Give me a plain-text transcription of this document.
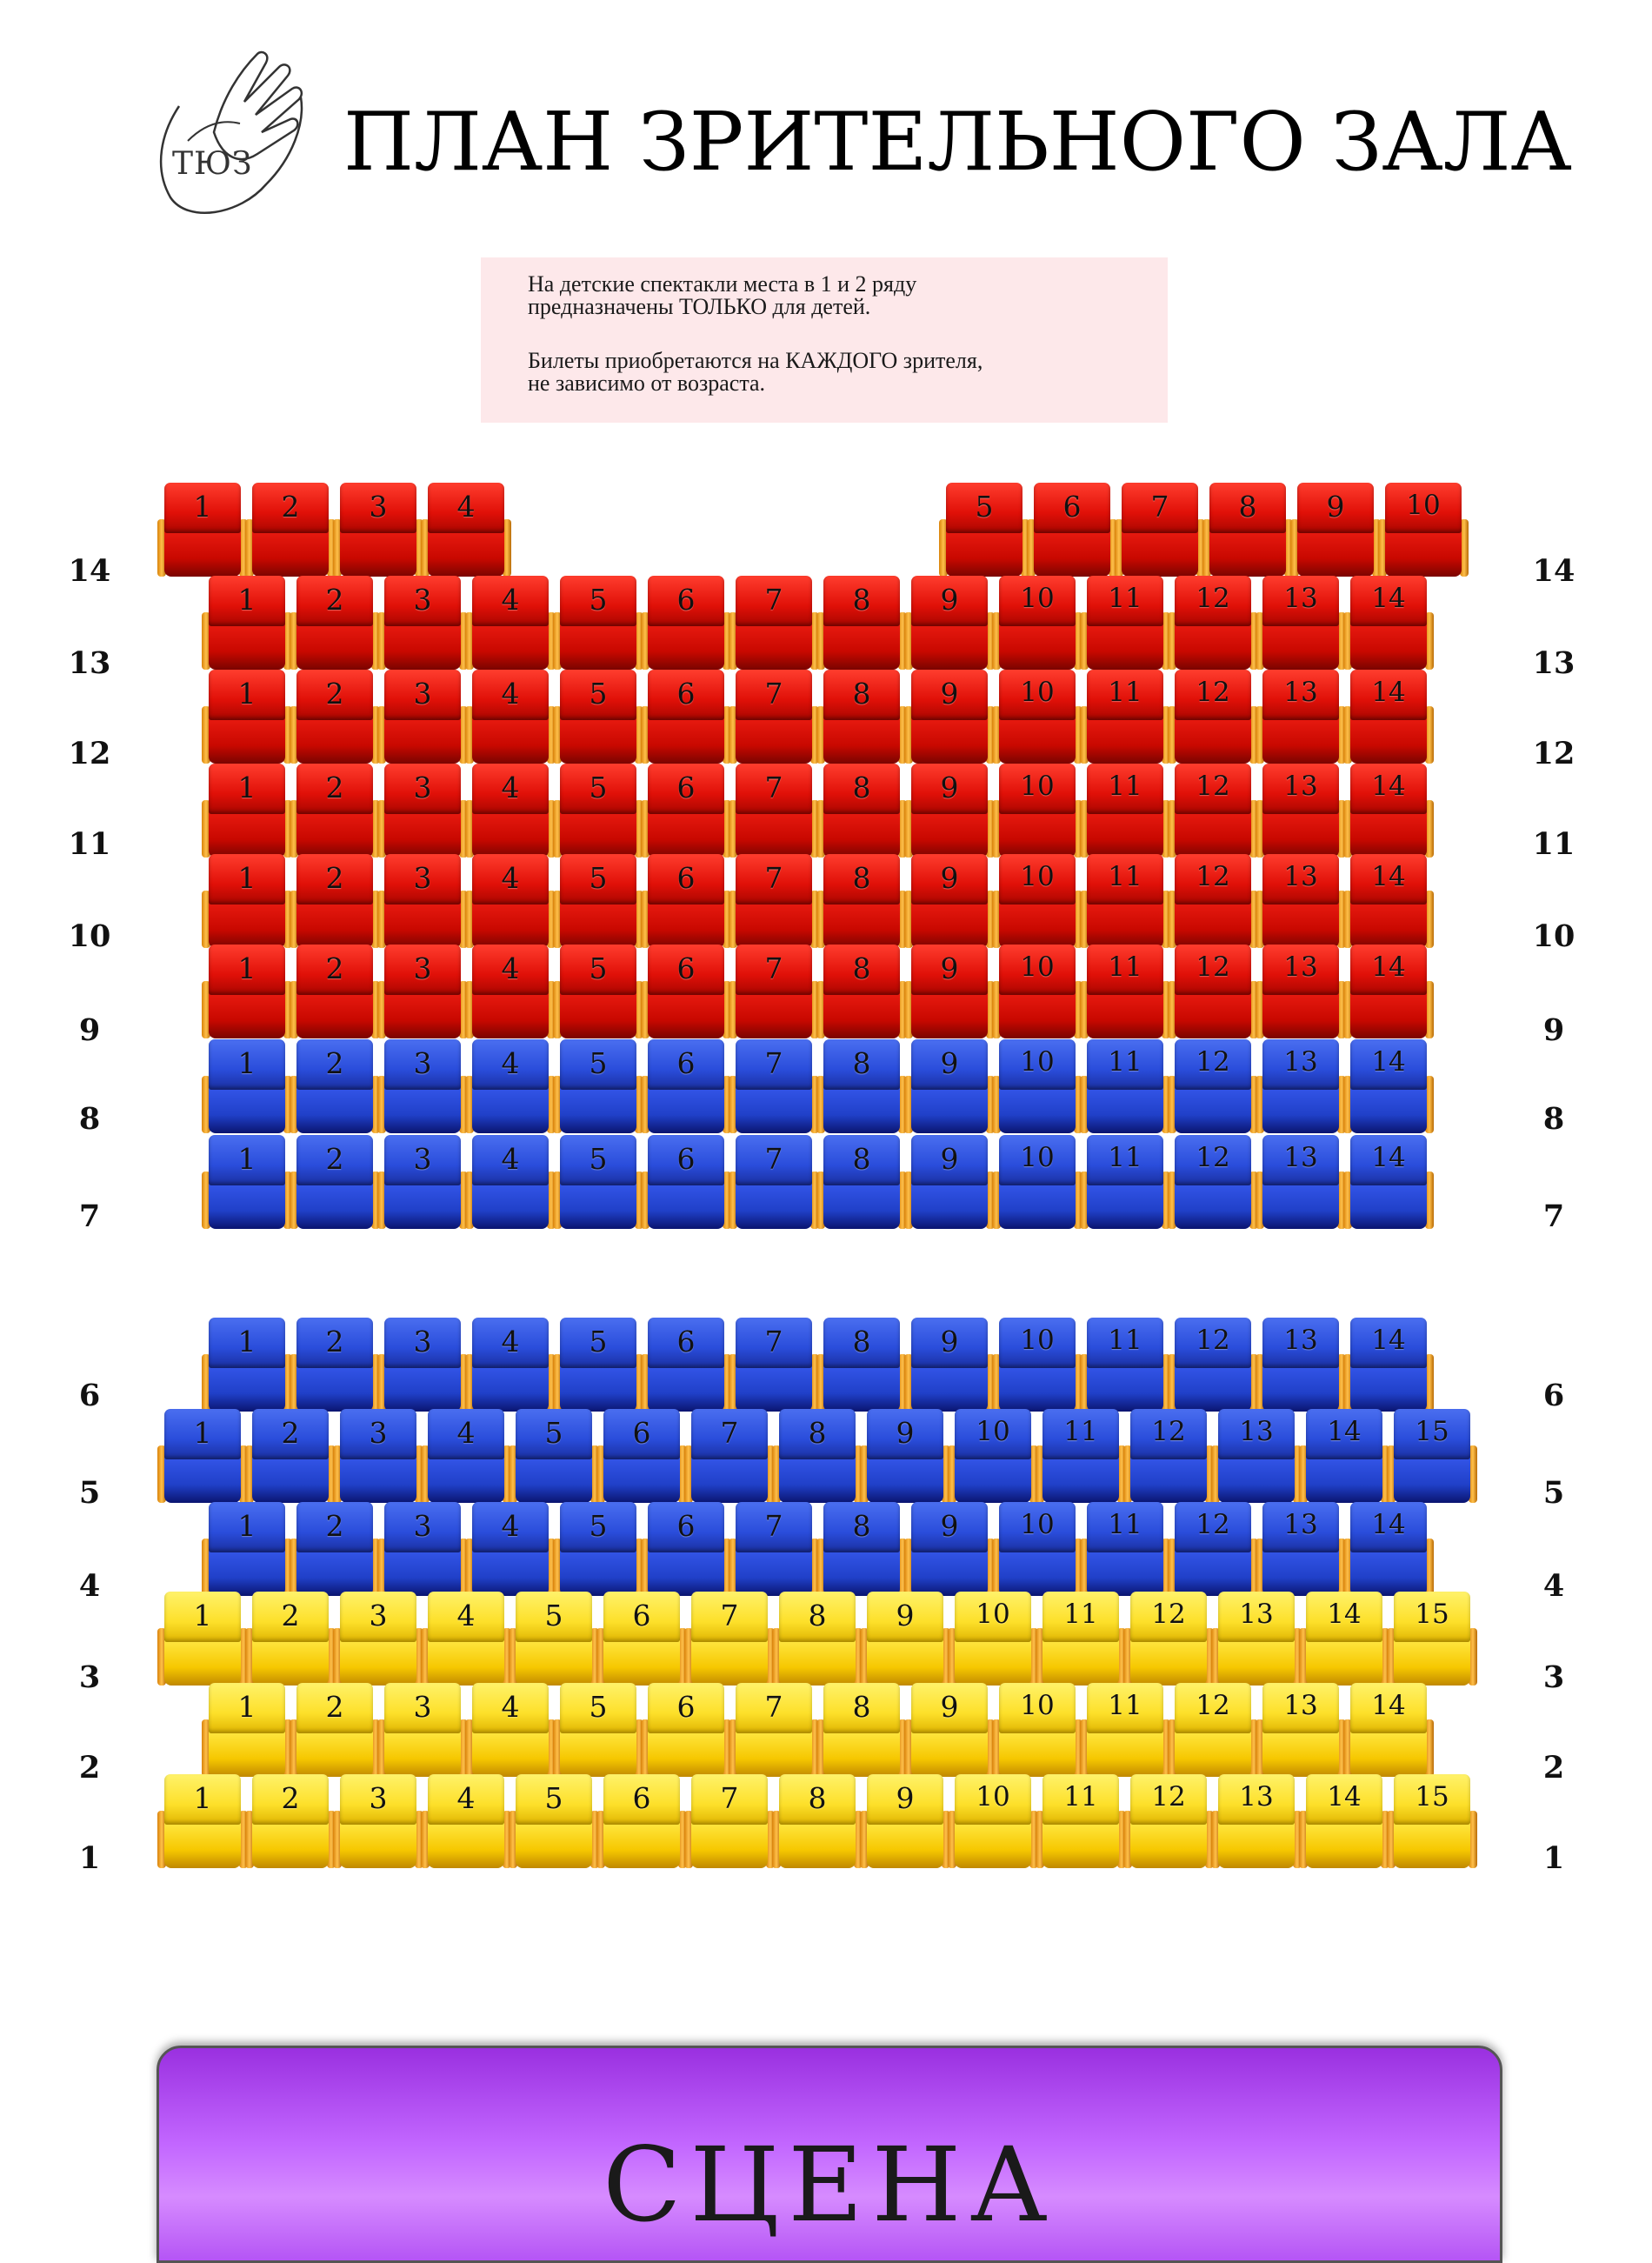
ТЮЗ ПЛАН ЗРИТЕЛЬНОГО ЗАЛА

На детские спектакли места в 1 и 2 ряду
предназначены ТОЛЬКО для детей.

Билеты приобретаются на КАЖДОГО зрителя,
не зависимо от возраста.

1	2	3	4	5	6	7	8	9	10
14	14
1	2	3	4	5	6	7	8	9	10	11	12	13	14
13	13
1	2	3	4	5	6	7	8	9	10	11	12	13	14
12	12
1	2	3	4	5	6	7	8	9	10	11	12	13	14
11	11
1	2	3	4	5	6	7	8	9	10	11	12	13	14
10	10
1	2	3	4	5	6	7	8	9	10	11	12	13	14
9	9
1	2	3	4	5	6	7	8	9	10	11	12	13	14
8	8
1	2	3	4	5	6	7	8	9	10	11	12	13	14
7	7
1	2	3	4	5	6	7	8	9	10	11	12	13	14
6	6
1	2	3	4	5	6	7	8	9	10	11	12	13	14	15
5	5
1	2	3	4	5	6	7	8	9	10	11	12	13	14
4	4
1	2	3	4	5	6	7	8	9	10	11	12	13	14	15
3	3
1	2	3	4	5	6	7	8	9	10	11	12	13	14
2	2
1	2	3	4	5	6	7	8	9	10	11	12	13	14	15
1	1
СЦЕНА
